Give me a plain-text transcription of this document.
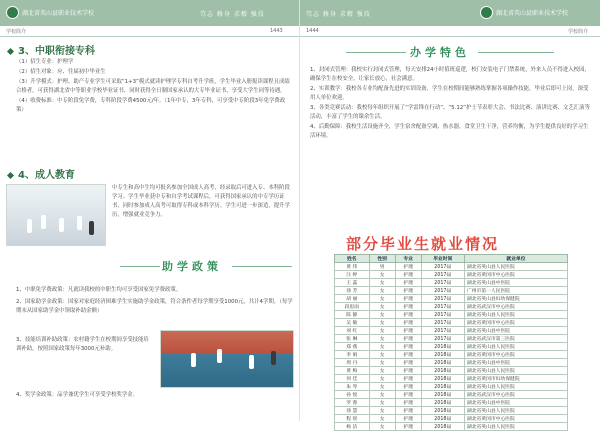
湖北省英山县职业技术学校	笃志 修身 求精 强技
学校简介	1443
3、中职衔接专科

（1）招生专业：护理学

（2）招生对象：应、往届初中毕业生

（3）升学模式：护理、助产专业学生可采取“1+3”模式就读护理学专科自考升学班，学生毕业入册报读课程且成绩合格者，可获得湖北省中等职业学校毕业证书，同时获得全日制国家承认的大专毕业证书，享受大学生同等待遇。

（4）收费标准：中专阶段免学费，专科阶段学费4500元/年。（1年中专，3年专科，可享受中专阶段3年免学费政策）

4、成人教育

中专生和高中生均可报名参加全国成人高考，经录取后可进入专、本科阶段学习。学生毕业获中专和自学考试课程后，可获得国家承认的中专学历证书，同时参加成人高考可取得专科或本科学历。学生可进一步深造，提升学历，增强就业竞争力。

助学政策
1、中职免学费政策：凡就读我校的中职生均可享受国家免学费政策。
2、国家助学金政策：国家对家庭经济困难学生实施助学金政策，符合条件者每学期享受1000元，共计4学期。（每学期末从国家助学金中领取补助金额）
3、技能培训补助政策：农村籍学生在校期间享受技能培训补助，按照国家政策每年3000元补助。
4、奖学金政策：品学兼优学生可享受学校奖学金。
笃志 修身 求精 强技	湖北省英山县职业技术学校
1444	学校简介
办学特色

1、封闭式管理：我校实行封闭式管理，每天安排24小时值班巡逻，校门安装电子门禁系统，外来人员不得进入校园，确保学生在校安全，让家长放心，社会满意。

2、实训教学：我校各专业均配备先进的实训设备，学生在校期间能够熟练掌握各项操作技能，毕业后即可上岗，深受用人单位欢迎。

3、各类竞赛活动：我校每年组织开展了“学雷锋在行动”、“5.12”护士节表彰大会、书法比赛、演讲比赛、文艺汇演等活动，丰富了学生的课余生活。

4、后勤保障：我校生活设施齐全，学生宿舍配备空调、热水器，食堂卫生干净，营养均衡，为学生提供良好的学习生活环境。

部分毕业生就业情况
姓名	性别	专业	毕业时间	就业单位
黄 伟	男	护理	2017届	湖北省英山县人民医院
汪 婷	女	护理	2017届	湖北省黄冈市中心医院
王 蕊	女	护理	2017届	湖北省英山县中医院
徐 芳	女	护理	2017届	广州市第一人民医院
胡 丽	女	护理	2017届	湖北省英山县妇幼保健院
段思雨	女	护理	2017届	湖北省武汉市中心医院
陈 静	女	护理	2017届	湖北省英山县人民医院
吴 敏	女	护理	2017届	湖北省黄冈市中心医院
刘 红	女	护理	2017届	湖北省英山县中医院
张 琳	女	护理	2017届	湖北省武汉市第三医院
郑 燕	女	护理	2018届	湖北省英山县人民医院
李 娟	女	护理	2018届	湖北省黄冈市中心医院
周 丹	女	护理	2018届	湖北省英山县中医院
黄 梅	女	护理	2018届	湖北省英山县人民医院
何 佳	女	护理	2018届	湖北省黄冈市妇幼保健院
朱 琴	女	护理	2018届	湖北省英山县人民医院
孙 悦	女	护理	2018届	湖北省武汉市中心医院
罗 蓉	女	护理	2018届	湖北省英山县中医院
徐 慧	女	护理	2018届	湖北省英山县人民医院
程 瑶	女	护理	2018届	湖北省黄冈市中心医院
杨 洁	女	护理	2018届	湖北省英山县人民医院
